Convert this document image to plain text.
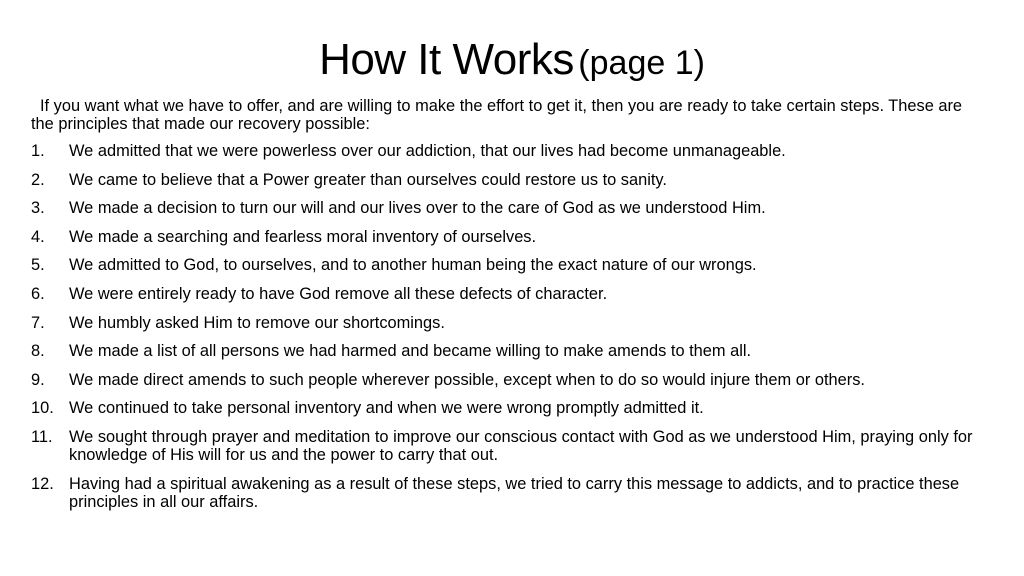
How It Works (page 1)
If you want what we have to offer, and are willing to make the effort to get it, then you are ready to take certain steps. These are the principles that made our recovery possible:
1. We admitted that we were powerless over our addiction, that our lives had become unmanageable.
2. We came to believe that a Power greater than ourselves could restore us to sanity.
3. We made a decision to turn our will and our lives over to the care of God as we understood Him.
4. We made a searching and fearless moral inventory of ourselves.
5. We admitted to God, to ourselves, and to another human being the exact nature of our wrongs.
6. We were entirely ready to have God remove all these defects of character.
7. We humbly asked Him to remove our shortcomings.
8. We made a list of all persons we had harmed and became willing to make amends to them all.
9. We made direct amends to such people wherever possible, except when to do so would injure them or others.
10. We continued to take personal inventory and when we were wrong promptly admitted it.
11. We sought through prayer and meditation to improve our conscious contact with God as we understood Him, praying only for knowledge of His will for us and the power to carry that out.
12. Having had a spiritual awakening as a result of these steps, we tried to carry this message to addicts, and to practice these principles in all our affairs.
